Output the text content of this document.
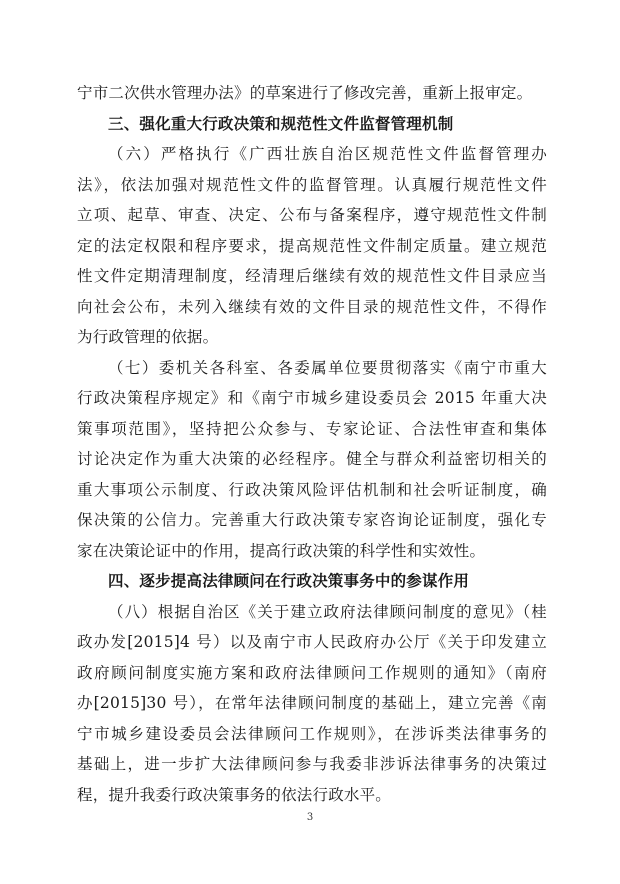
宁市二次供水管理办法》的草案进行了修改完善，重新上报审定。
三、强化重大行政决策和规范性文件监督管理机制
（六）严格执行《广西壮族自治区规范性文件监督管理办
法》，依法加强对规范性文件的监督管理。认真履行规范性文件
立项、起草、审查、决定、公布与备案程序，遵守规范性文件制
定的法定权限和程序要求，提高规范性文件制定质量。建立规范
性文件定期清理制度，经清理后继续有效的规范性文件目录应当
向社会公布，未列入继续有效的文件目录的规范性文件，不得作
为行政管理的依据。
（七）委机关各科室、各委属单位要贯彻落实《南宁市重大
行政决策程序规定》和《南宁市城乡建设委员会 2015 年重大决
策事项范围》，坚持把公众参与、专家论证、合法性审查和集体
讨论决定作为重大决策的必经程序。健全与群众利益密切相关的
重大事项公示制度、行政决策风险评估机制和社会听证制度，确
保决策的公信力。完善重大行政决策专家咨询论证制度，强化专
家在决策论证中的作用，提高行政决策的科学性和实效性。
四、逐步提高法律顾问在行政决策事务中的参谋作用
（八）根据自治区《关于建立政府法律顾问制度的意见》（桂
政办发[2015]4 号）以及南宁市人民政府办公厅《关于印发建立
政府顾问制度实施方案和政府法律顾问工作规则的通知》（南府
办[2015]30 号），在常年法律顾问制度的基础上，建立完善《南
宁市城乡建设委员会法律顾问工作规则》，在涉诉类法律事务的
基础上，进一步扩大法律顾问参与我委非涉诉法律事务的决策过
程，提升我委行政决策事务的依法行政水平。
3
